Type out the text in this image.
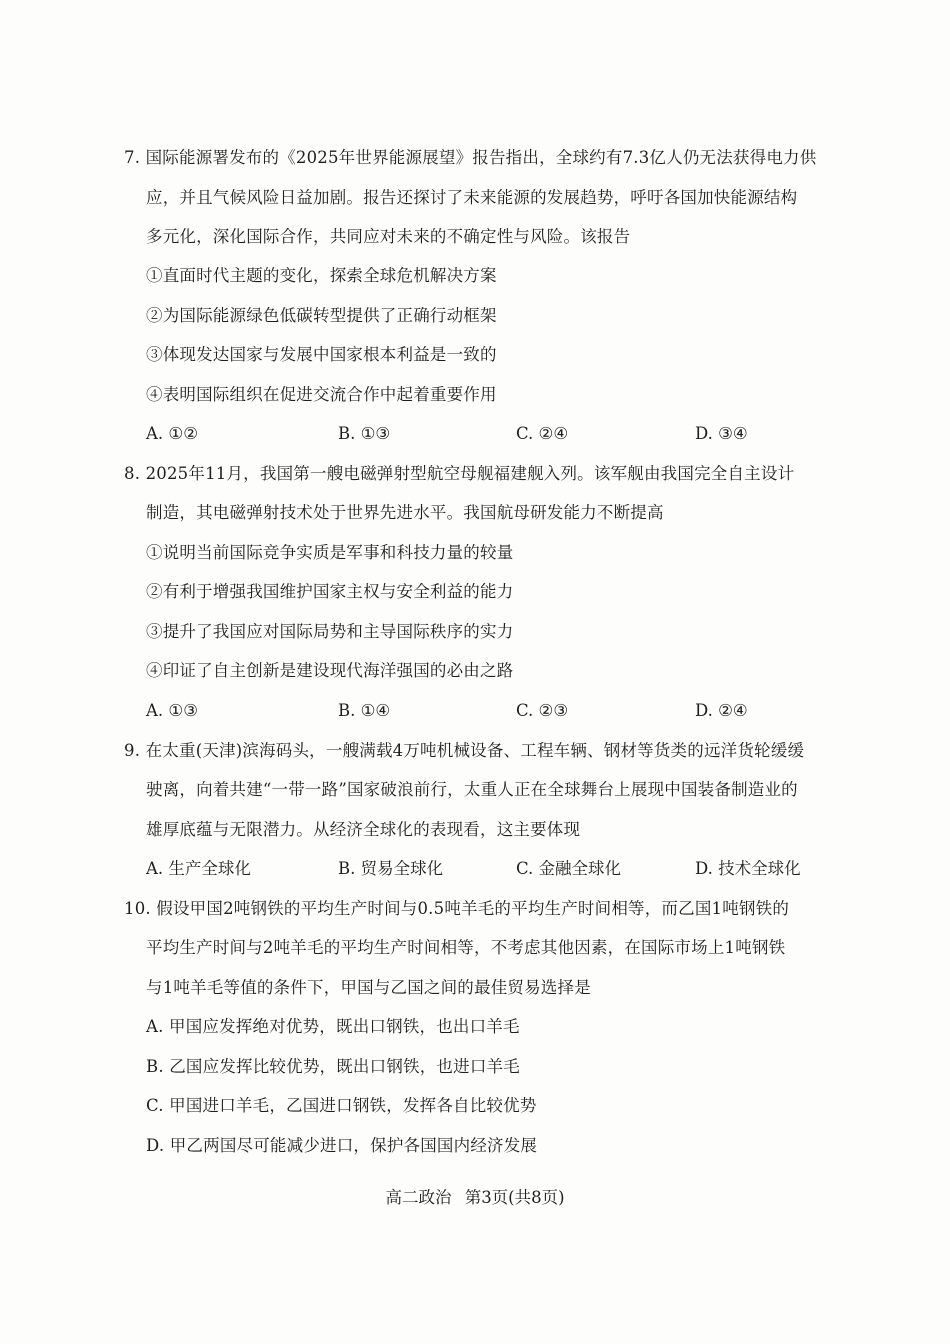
7. 国际能源署发布的《2025年世界能源展望》报告指出，全球约有7.3亿人仍无法获得电力供
应，并且气候风险日益加剧。报告还探讨了未来能源的发展趋势，呼吁各国加快能源结构
多元化，深化国际合作，共同应对未来的不确定性与风险。该报告
①直面时代主题的变化，探索全球危机解决方案
②为国际能源绿色低碳转型提供了正确行动框架
③体现发达国家与发展中国家根本利益是一致的
④表明国际组织在促进交流合作中起着重要作用
A. ①②	B. ①③	C. ②④	D. ③④
8. 2025年11月，我国第一艘电磁弹射型航空母舰福建舰入列。该军舰由我国完全自主设计
制造，其电磁弹射技术处于世界先进水平。我国航母研发能力不断提高
①说明当前国际竞争实质是军事和科技力量的较量
②有利于增强我国维护国家主权与安全利益的能力
③提升了我国应对国际局势和主导国际秩序的实力
④印证了自主创新是建设现代海洋强国的必由之路
A. ①③	B. ①④	C. ②③	D. ②④
9. 在太重(天津)滨海码头，一艘满载4万吨机械设备、工程车辆、钢材等货类的远洋货轮缓缓
驶离，向着共建“一带一路”国家破浪前行，太重人正在全球舞台上展现中国装备制造业的
雄厚底蕴与无限潜力。从经济全球化的表现看，这主要体现
A. 生产全球化	B. 贸易全球化	C. 金融全球化	D. 技术全球化
10. 假设甲国2吨钢铁的平均生产时间与0.5吨羊毛的平均生产时间相等，而乙国1吨钢铁的
平均生产时间与2吨羊毛的平均生产时间相等，不考虑其他因素，在国际市场上1吨钢铁
与1吨羊毛等值的条件下，甲国与乙国之间的最佳贸易选择是
A. 甲国应发挥绝对优势，既出口钢铁，也出口羊毛
B. 乙国应发挥比较优势，既出口钢铁，也进口羊毛
C. 甲国进口羊毛，乙国进口钢铁，发挥各自比较优势
D. 甲乙两国尽可能减少进口，保护各国国内经济发展
高二政治 第3页(共8页)
